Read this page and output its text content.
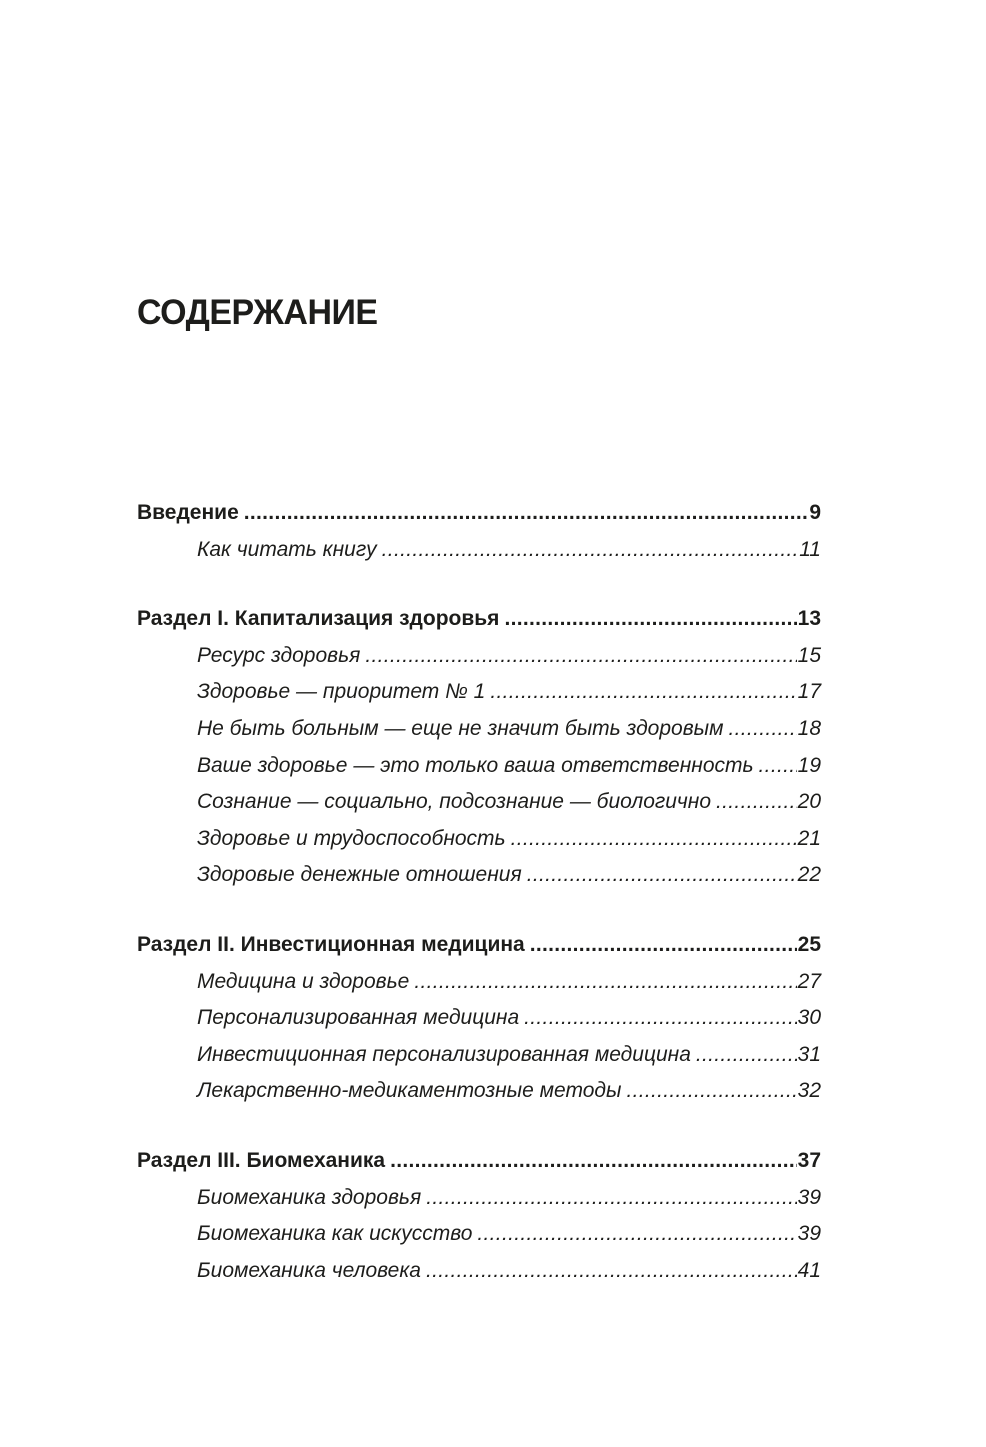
СОДЕРЖАНИЕ
Введение .....	9
Как читать книгу .....	11
Раздел I. Капитализация здоровья .....	13
Ресурс здоровья .....	15
Здоровье — приоритет № 1 .....	17
Не быть больным — еще не значит быть здоровым .....	18
Ваше здоровье — это только ваша ответственность ..... 19
Сознание — социально, подсознание — биологично .....	20
Здоровье и трудоспособность .....	21
Здоровые денежные отношения .....	22
Раздел II. Инвестиционная медицина .....	25
Медицина и здоровье .....	27
Персонализированная медицина .....	30
Инвестиционная персонализированная медицина .....	31
Лекарственно-медикаментозные методы .....	32
Раздел III. Биомеханика .....	37
Биомеханика здоровья .....	39
Биомеханика как искусство .....	39
Биомеханика человека .....	41
